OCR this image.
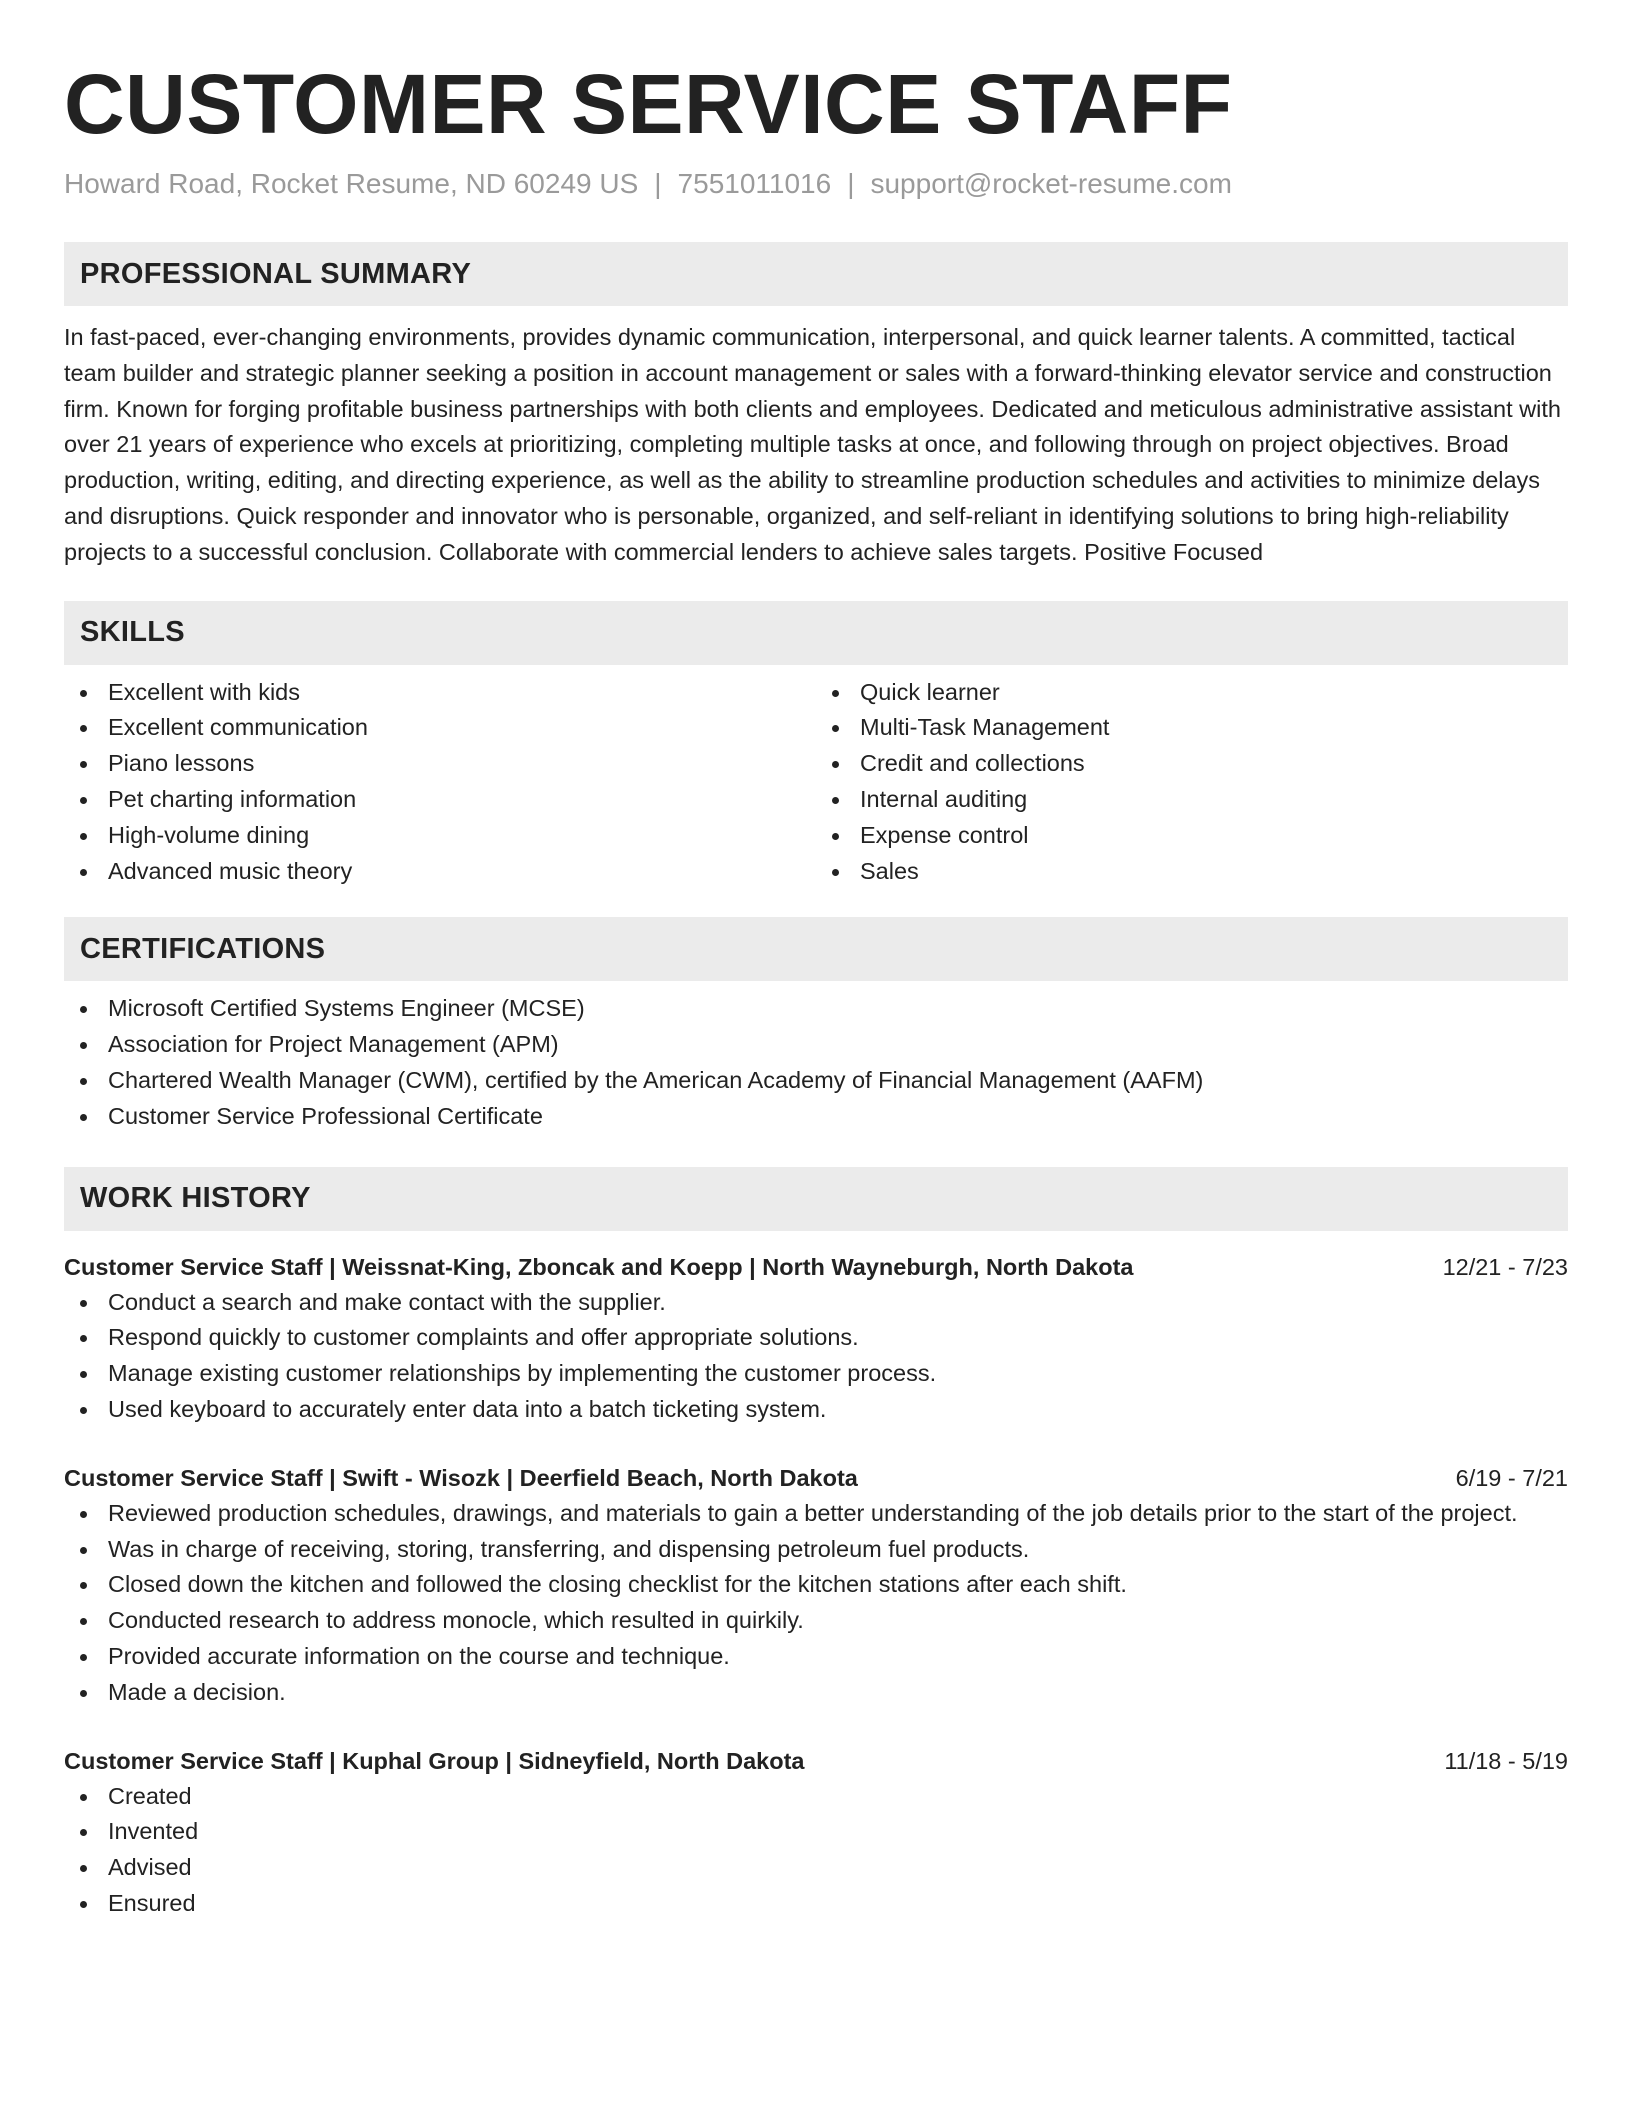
CUSTOMER SERVICE STAFF
Howard Road, Rocket Resume, ND 60249 US | 7551011016 | support@rocket-resume.com
PROFESSIONAL SUMMARY
In fast-paced, ever-changing environments, provides dynamic communication, interpersonal, and quick learner talents. A committed, tactical team builder and strategic planner seeking a position in account management or sales with a forward-thinking elevator service and construction firm. Known for forging profitable business partnerships with both clients and employees. Dedicated and meticulous administrative assistant with over 21 years of experience who excels at prioritizing, completing multiple tasks at once, and following through on project objectives. Broad production, writing, editing, and directing experience, as well as the ability to streamline production schedules and activities to minimize delays and disruptions. Quick responder and innovator who is personable, organized, and self-reliant in identifying solutions to bring high-reliability projects to a successful conclusion. Collaborate with commercial lenders to achieve sales targets. Positive Focused
SKILLS
Excellent with kids
Excellent communication
Piano lessons
Pet charting information
High-volume dining
Advanced music theory
Quick learner
Multi-Task Management
Credit and collections
Internal auditing
Expense control
Sales
CERTIFICATIONS
Microsoft Certified Systems Engineer (MCSE)
Association for Project Management (APM)
Chartered Wealth Manager (CWM), certified by the American Academy of Financial Management (AAFM)
Customer Service Professional Certificate
WORK HISTORY
Customer Service Staff | Weissnat-King, Zboncak and Koepp | North Wayneburgh, North Dakota	12/21 - 7/23
Conduct a search and make contact with the supplier.
Respond quickly to customer complaints and offer appropriate solutions.
Manage existing customer relationships by implementing the customer process.
Used keyboard to accurately enter data into a batch ticketing system.
Customer Service Staff | Swift - Wisozk | Deerfield Beach, North Dakota	6/19 - 7/21
Reviewed production schedules, drawings, and materials to gain a better understanding of the job details prior to the start of the project.
Was in charge of receiving, storing, transferring, and dispensing petroleum fuel products.
Closed down the kitchen and followed the closing checklist for the kitchen stations after each shift.
Conducted research to address monocle, which resulted in quirkily.
Provided accurate information on the course and technique.
Made a decision.
Customer Service Staff | Kuphal Group | Sidneyfield, North Dakota	11/18 - 5/19
Created
Invented
Advised
Ensured
